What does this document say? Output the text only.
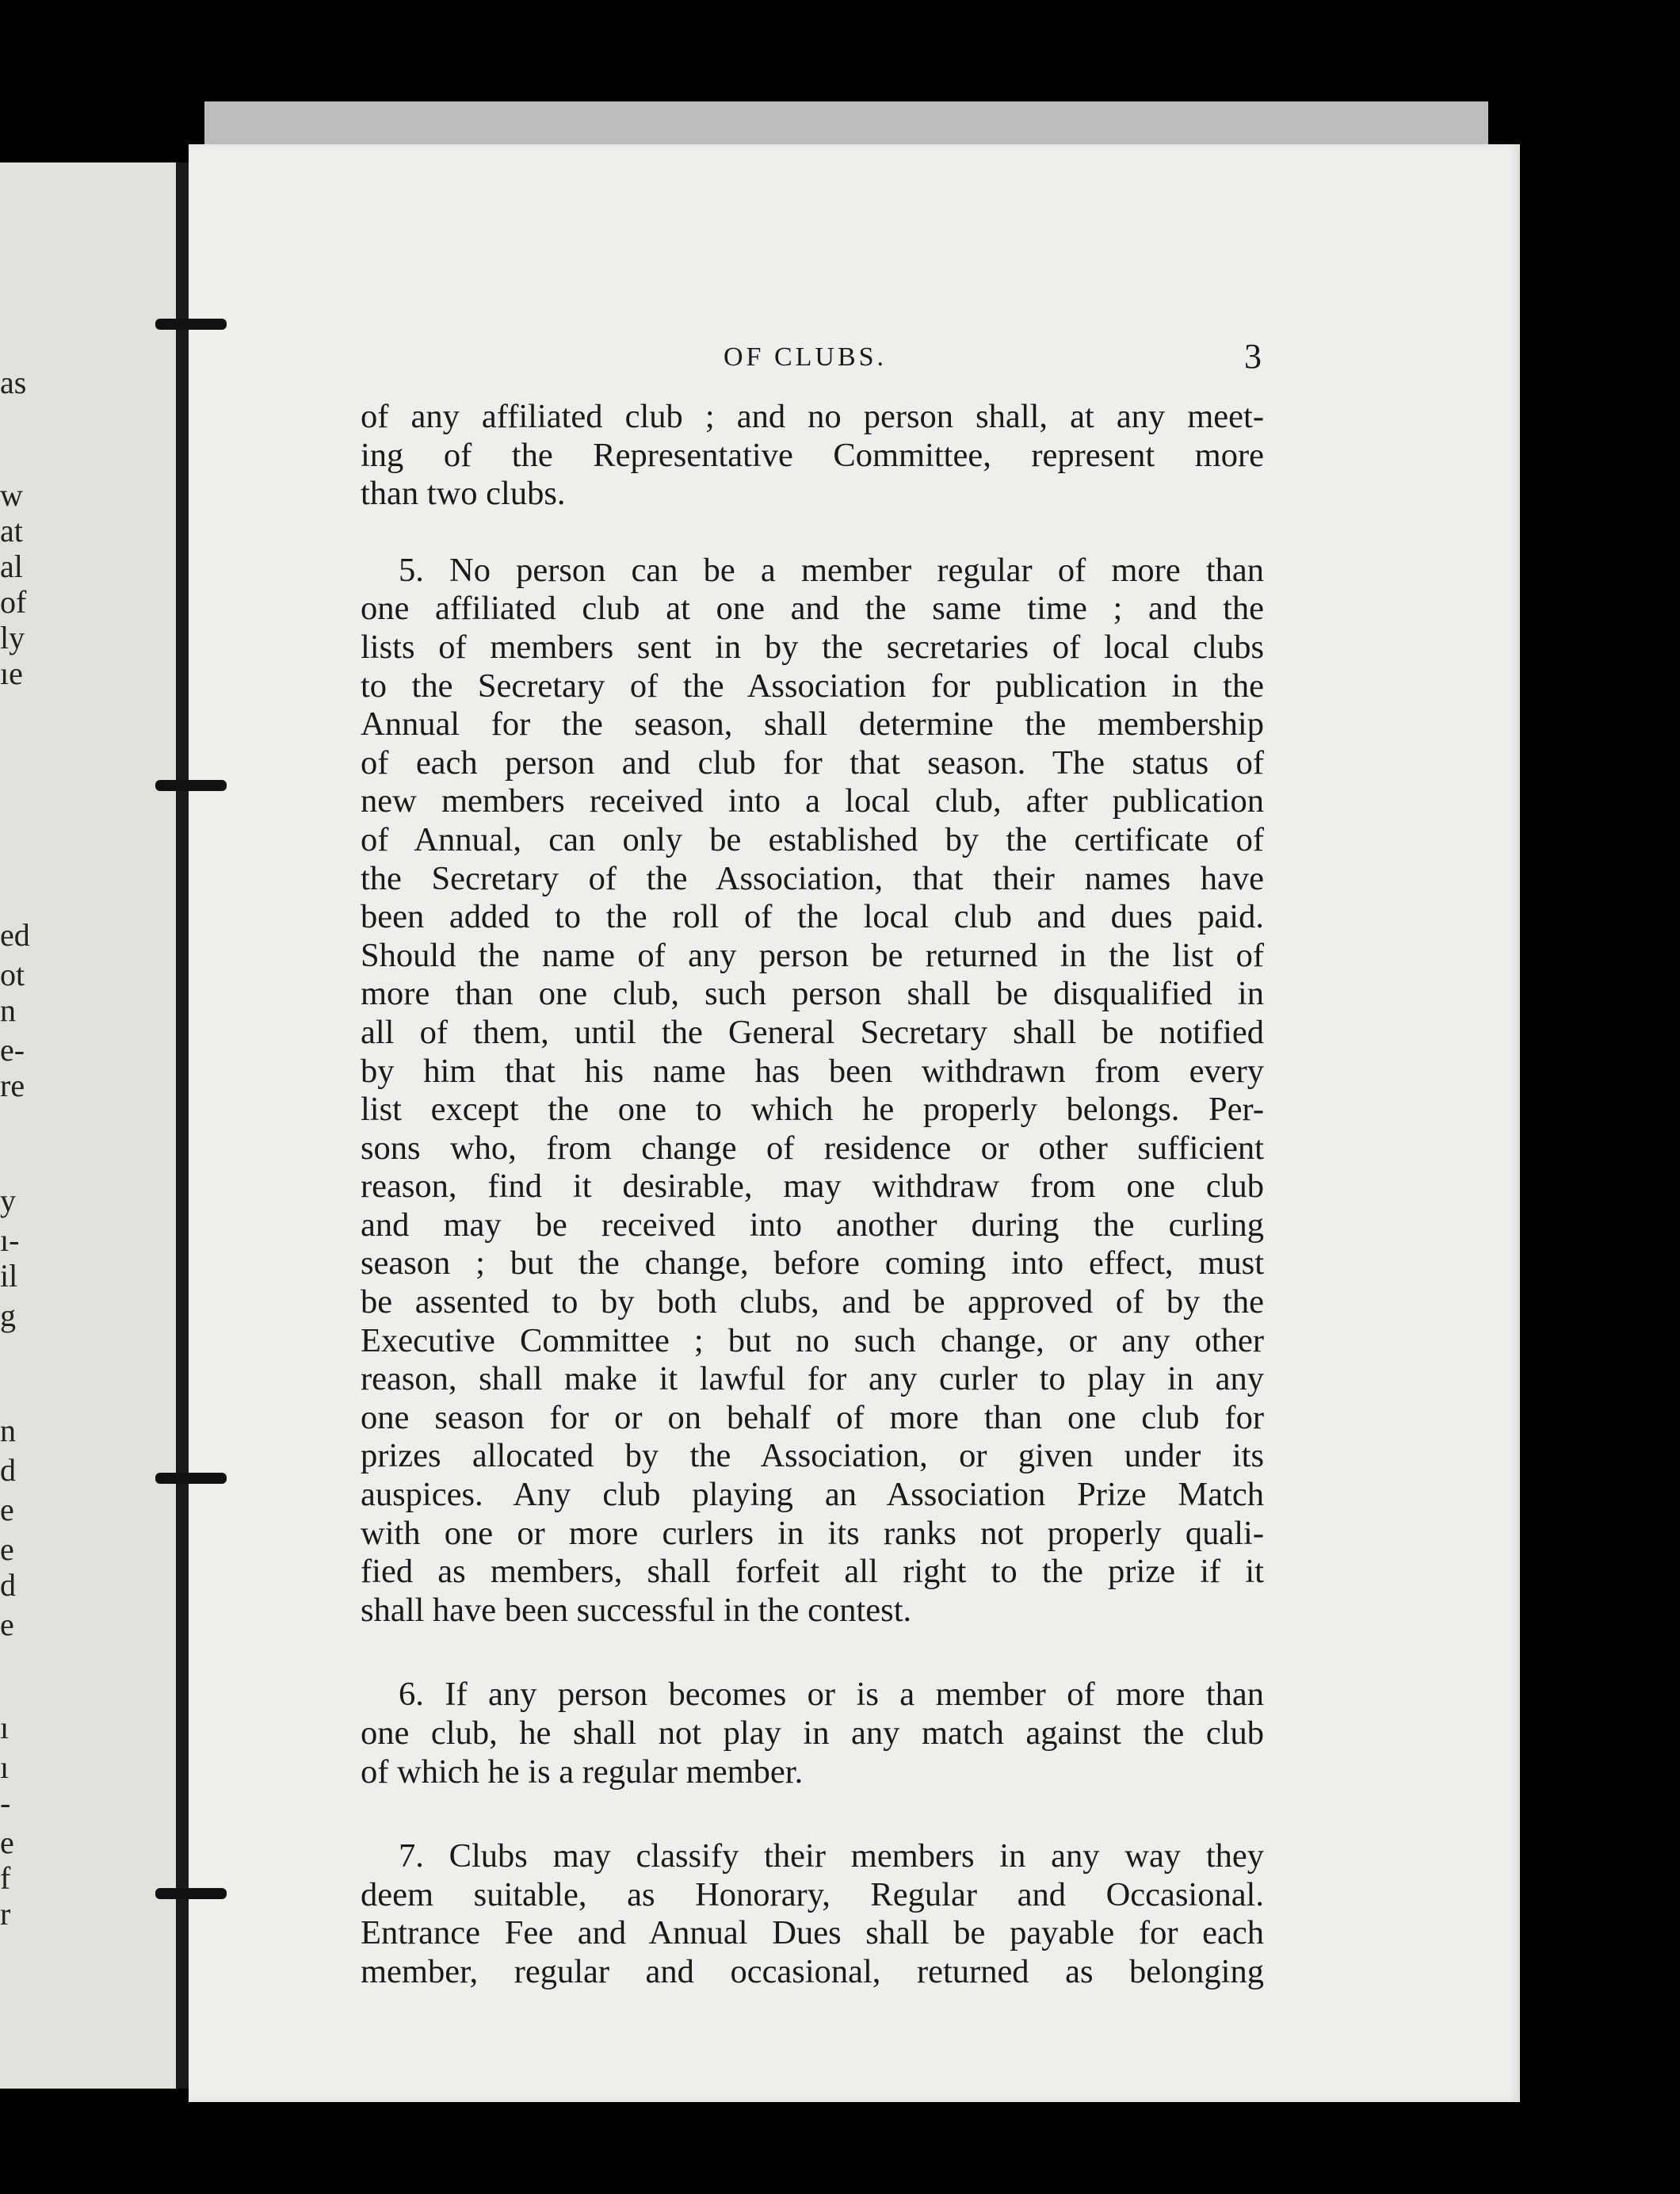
as
w
at
al
of
ly
ıe
ed
ot
n
e-
re
y
ı-
il
g
n
d
e
e
d
e
ı
ı
-
e
f
r
OF CLUBS.	3
of any affiliated club ; and no person shall, at any meet-
ing of the Representative Committee, represent more
than two clubs.
5. No person can be a member regular of more than
one affiliated club at one and the same time ; and the
lists of members sent in by the secretaries of local clubs
to the Secretary of the Association for publication in the
Annual for the season, shall determine the membership
of each person and club for that season. The status of
new members received into a local club, after publication
of Annual, can only be established by the certificate of
the Secretary of the Association, that their names have
been added to the roll of the local club and dues paid.
Should the name of any person be returned in the list of
more than one club, such person shall be disqualified in
all of them, until the General Secretary shall be notified
by him that his name has been withdrawn from every
list except the one to which he properly belongs. Per-
sons who, from change of residence or other sufficient
reason, find it desirable, may withdraw from one club
and may be received into another during the curling
season ; but the change, before coming into effect, must
be assented to by both clubs, and be approved of by the
Executive Committee ; but no such change, or any other
reason, shall make it lawful for any curler to play in any
one season for or on behalf of more than one club for
prizes allocated by the Association, or given under its
auspices. Any club playing an Association Prize Match
with one or more curlers in its ranks not properly quali-
fied as members, shall forfeit all right to the prize if it
shall have been successful in the contest.
6. If any person becomes or is a member of more than
one club, he shall not play in any match against the club
of which he is a regular member.
7. Clubs may classify their members in any way they
deem suitable, as Honorary, Regular and Occasional.
Entrance Fee and Annual Dues shall be payable for each
member, regular and occasional, returned as belonging
